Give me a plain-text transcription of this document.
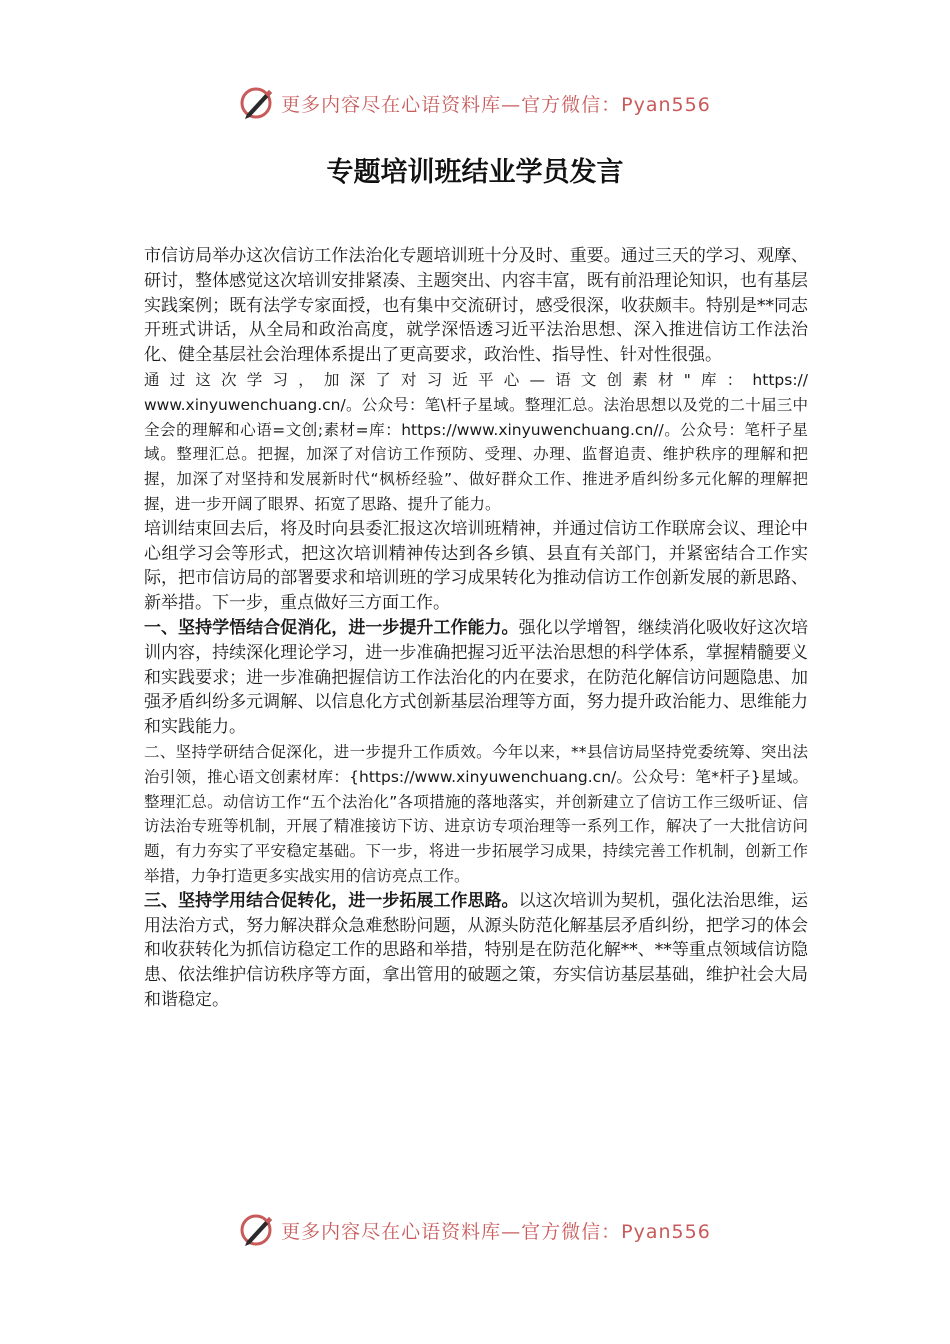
更多内容尽在心语资料库—官方微信：Pyan556
专题培训班结业学员发言

市信访局举办这次信访工作法治化专题培训班十分及时、重要。通过三天的学习、观摩、研讨，整体感觉这次培训安排紧凑、主题突出、内容丰富，既有前沿理论知识，也有基层实践案例；既有法学专家面授，也有集中交流研讨，感受很深，收获颇丰。特别是**同志开班式讲话，从全局和政治高度，就学深悟透习近平法治思想、深入推进信访工作法治化、健全基层社会治理体系提出了更高要求，政治性、指导性、针对性很强。

通过这次学习，加深了对习近平心—语文创素材"库：https://

www.xinyuwenchuang.cn/。公众号：笔\杆子星域。整理汇总。法治思想以及党的二十届三中全会的理解和心语=文创;素材=库：https://www.xinyuwenchuang.cn//。公众号：笔杆子星域。整理汇总。把握，加深了对信访工作预防、受理、办理、监督追责、维护秩序的理解和把握，加深了对坚持和发展新时代“枫桥经验”、做好群众工作、推进矛盾纠纷多元化解的理解把握，进一步开阔了眼界、拓宽了思路、提升了能力。

培训结束回去后，将及时向县委汇报这次培训班精神，并通过信访工作联席会议、理论中心组学习会等形式，把这次培训精神传达到各乡镇、县直有关部门，并紧密结合工作实际，把市信访局的部署要求和培训班的学习成果转化为推动信访工作创新发展的新思路、新举措。下一步，重点做好三方面工作。

一、坚持学悟结合促消化，进一步提升工作能力。强化以学增智，继续消化吸收好这次培训内容，持续深化理论学习，进一步准确把握习近平法治思想的科学体系，掌握精髓要义和实践要求；进一步准确把握信访工作法治化的内在要求，在防范化解信访问题隐患、加强矛盾纠纷多元调解、以信息化方式创新基层治理等方面，努力提升政治能力、思维能力和实践能力。

二、坚持学研结合促深化，进一步提升工作质效。今年以来，**县信访局坚持党委统筹、突出法治引领，推心语文创素材库：{https://www.xinyuwenchuang.cn/。公众号：笔*杆子}星域。整理汇总。动信访工作“五个法治化”各项措施的落地落实，并创新建立了信访工作三级听证、信访法治专班等机制，开展了精准接访下访、进京访专项治理等一系列工作，解决了一大批信访问题，有力夯实了平安稳定基础。下一步，将进一步拓展学习成果，持续完善工作机制，创新工作举措，力争打造更多实战实用的信访亮点工作。

三、坚持学用结合促转化，进一步拓展工作思路。以这次培训为契机，强化法治思维，运用法治方式，努力解决群众急难愁盼问题，从源头防范化解基层矛盾纠纷，把学习的体会和收获转化为抓信访稳定工作的思路和举措，特别是在防范化解**、**等重点领域信访隐患、依法维护信访秩序等方面，拿出管用的破题之策，夯实信访基层基础，维护社会大局和谐稳定。

更多内容尽在心语资料库—官方微信：Pyan556
